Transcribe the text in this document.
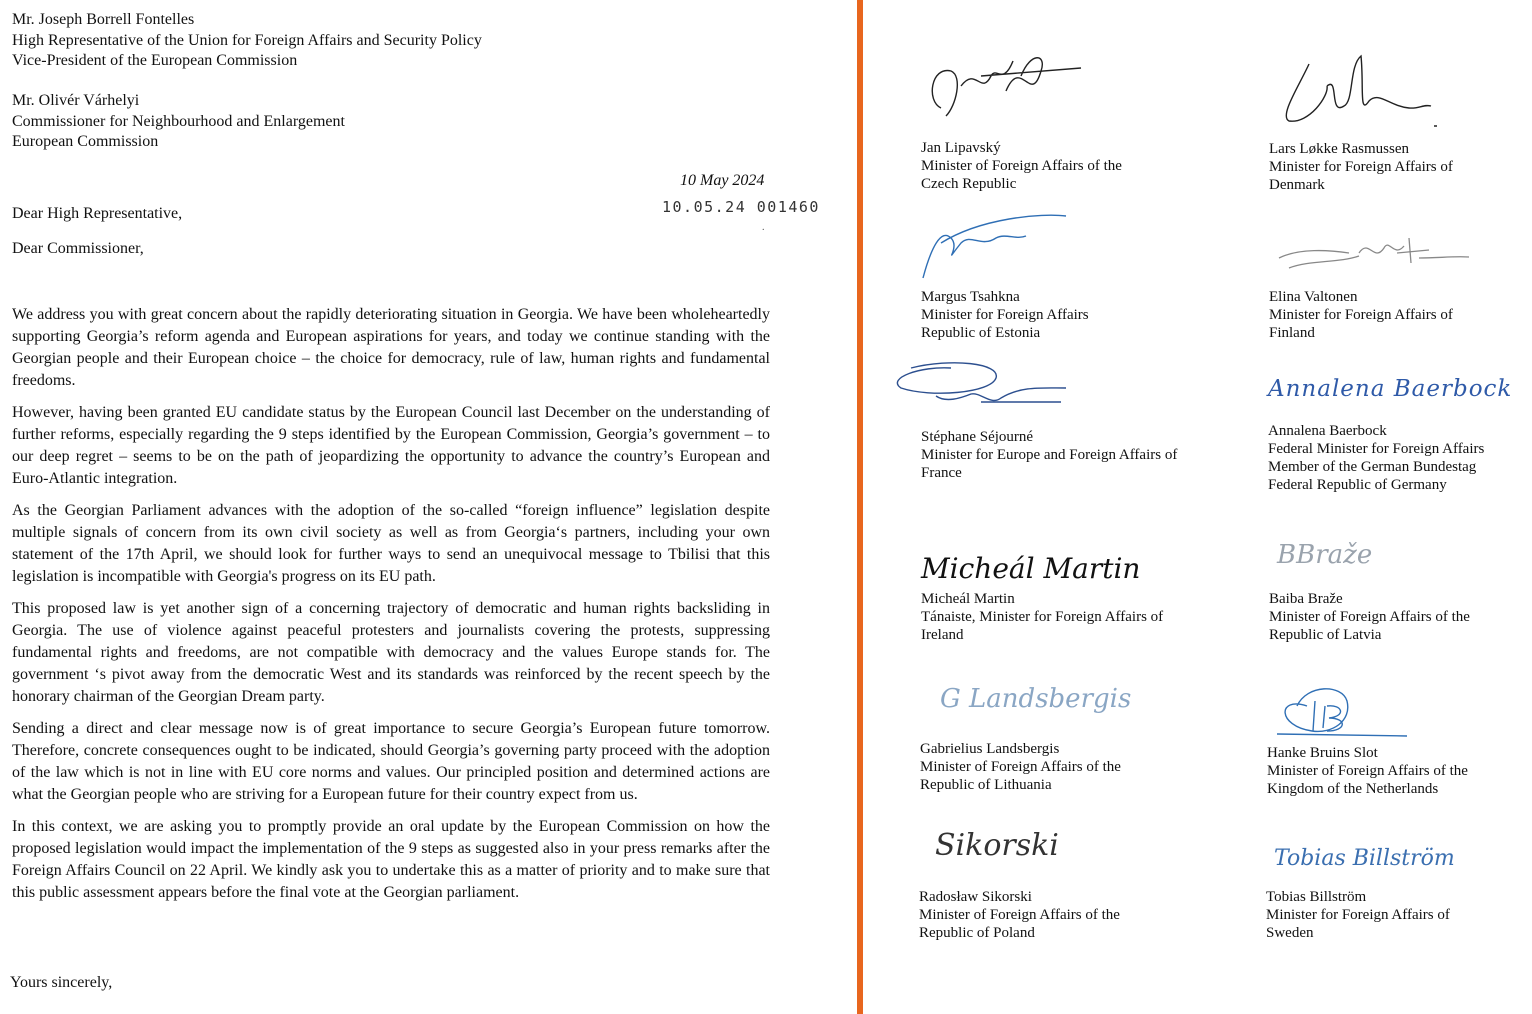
Mr. Joseph Borrell Fontelles
High Representative of the Union for Foreign Affairs and Security Policy
Vice-President of the European Commission
Mr. Olivér Várhelyi
Commissioner for Neighbourhood and Enlargement
European Commission
10 May 2024
10.05.24 001460
.
Dear High Representative,
Dear Commissioner,

We address you with great concern about the rapidly deteriorating situation in Georgia. We have been wholeheartedly supporting Georgia’s reform agenda and European aspirations for years, and today we continue standing with the Georgian people and their European choice – the choice for democracy, rule of law, human rights and fundamental freedoms.

However, having been granted EU candidate status by the European Council last December on the understanding of further reforms, especially regarding the 9 steps identified by the European Commission, Georgia’s government – to our deep regret – seems to be on the path of jeopardizing the opportunity to advance the country’s European and Euro-Atlantic integration.

As the Georgian Parliament advances with the adoption of the so-called “foreign influence” legislation despite multiple signals of concern from its own civil society as well as from Georgia‘s partners, including your own statement of the 17th April, we should look for further ways to send an unequivocal message to Tbilisi that this legislation is incompatible with Georgia's progress on its EU path.

This proposed law is yet another sign of a concerning trajectory of democratic and human rights backsliding in Georgia. The use of violence against peaceful protesters and journalists covering the protests, suppressing fundamental rights and freedoms, are not compatible with democracy and the values Europe stands for. The government ‘s pivot away from the democratic West and its standards was reinforced by the recent speech by the honorary chairman of the Georgian Dream party.

Sending a direct and clear message now is of great importance to secure Georgia’s European future tomorrow. Therefore, concrete consequences ought to be indicated, should Georgia’s governing party proceed with the adoption of the law which is not in line with EU core norms and values. Our principled position and determined actions are what the Georgian people who are striving for a European future for their country expect from us.

In this context, we are asking you to promptly provide an oral update by the European Commission on how the proposed legislation would impact the implementation of the 9 steps as suggested also in your press remarks after the Foreign Affairs Council on 22 April. We kindly ask you to undertake this as a matter of priority and to make sure that this public assessment appears before the final vote at the Georgian parliament.

Yours sincerely,
Jan Lipavský
Minister of Foreign Affairs of the
Czech Republic
Lars Løkke Rasmussen
Minister for Foreign Affairs of
Denmark
Margus Tsahkna
Minister for Foreign Affairs
Republic of Estonia
Elina Valtonen
Minister for Foreign Affairs of
Finland
Stéphane Séjourné
Minister for Europe and Foreign Affairs of
France
Annalena Baerbock
Annalena Baerbock
Federal Minister for Foreign Affairs
Member of the German Bundestag
Federal Republic of Germany
Micheál Martin
Micheál Martin
Tánaiste, Minister for Foreign Affairs of
Ireland
BBraže
Baiba Braže
Minister of Foreign Affairs of the
Republic of Latvia
G Landsbergis
Gabrielius Landsbergis
Minister of Foreign Affairs of the
Republic of Lithuania
Hanke Bruins Slot
Minister of Foreign Affairs of the
Kingdom of the Netherlands
Sikorski
Radosław Sikorski
Minister of Foreign Affairs of the
Republic of Poland
Tobias Billström
Tobias Billström
Minister for Foreign Affairs of
Sweden
